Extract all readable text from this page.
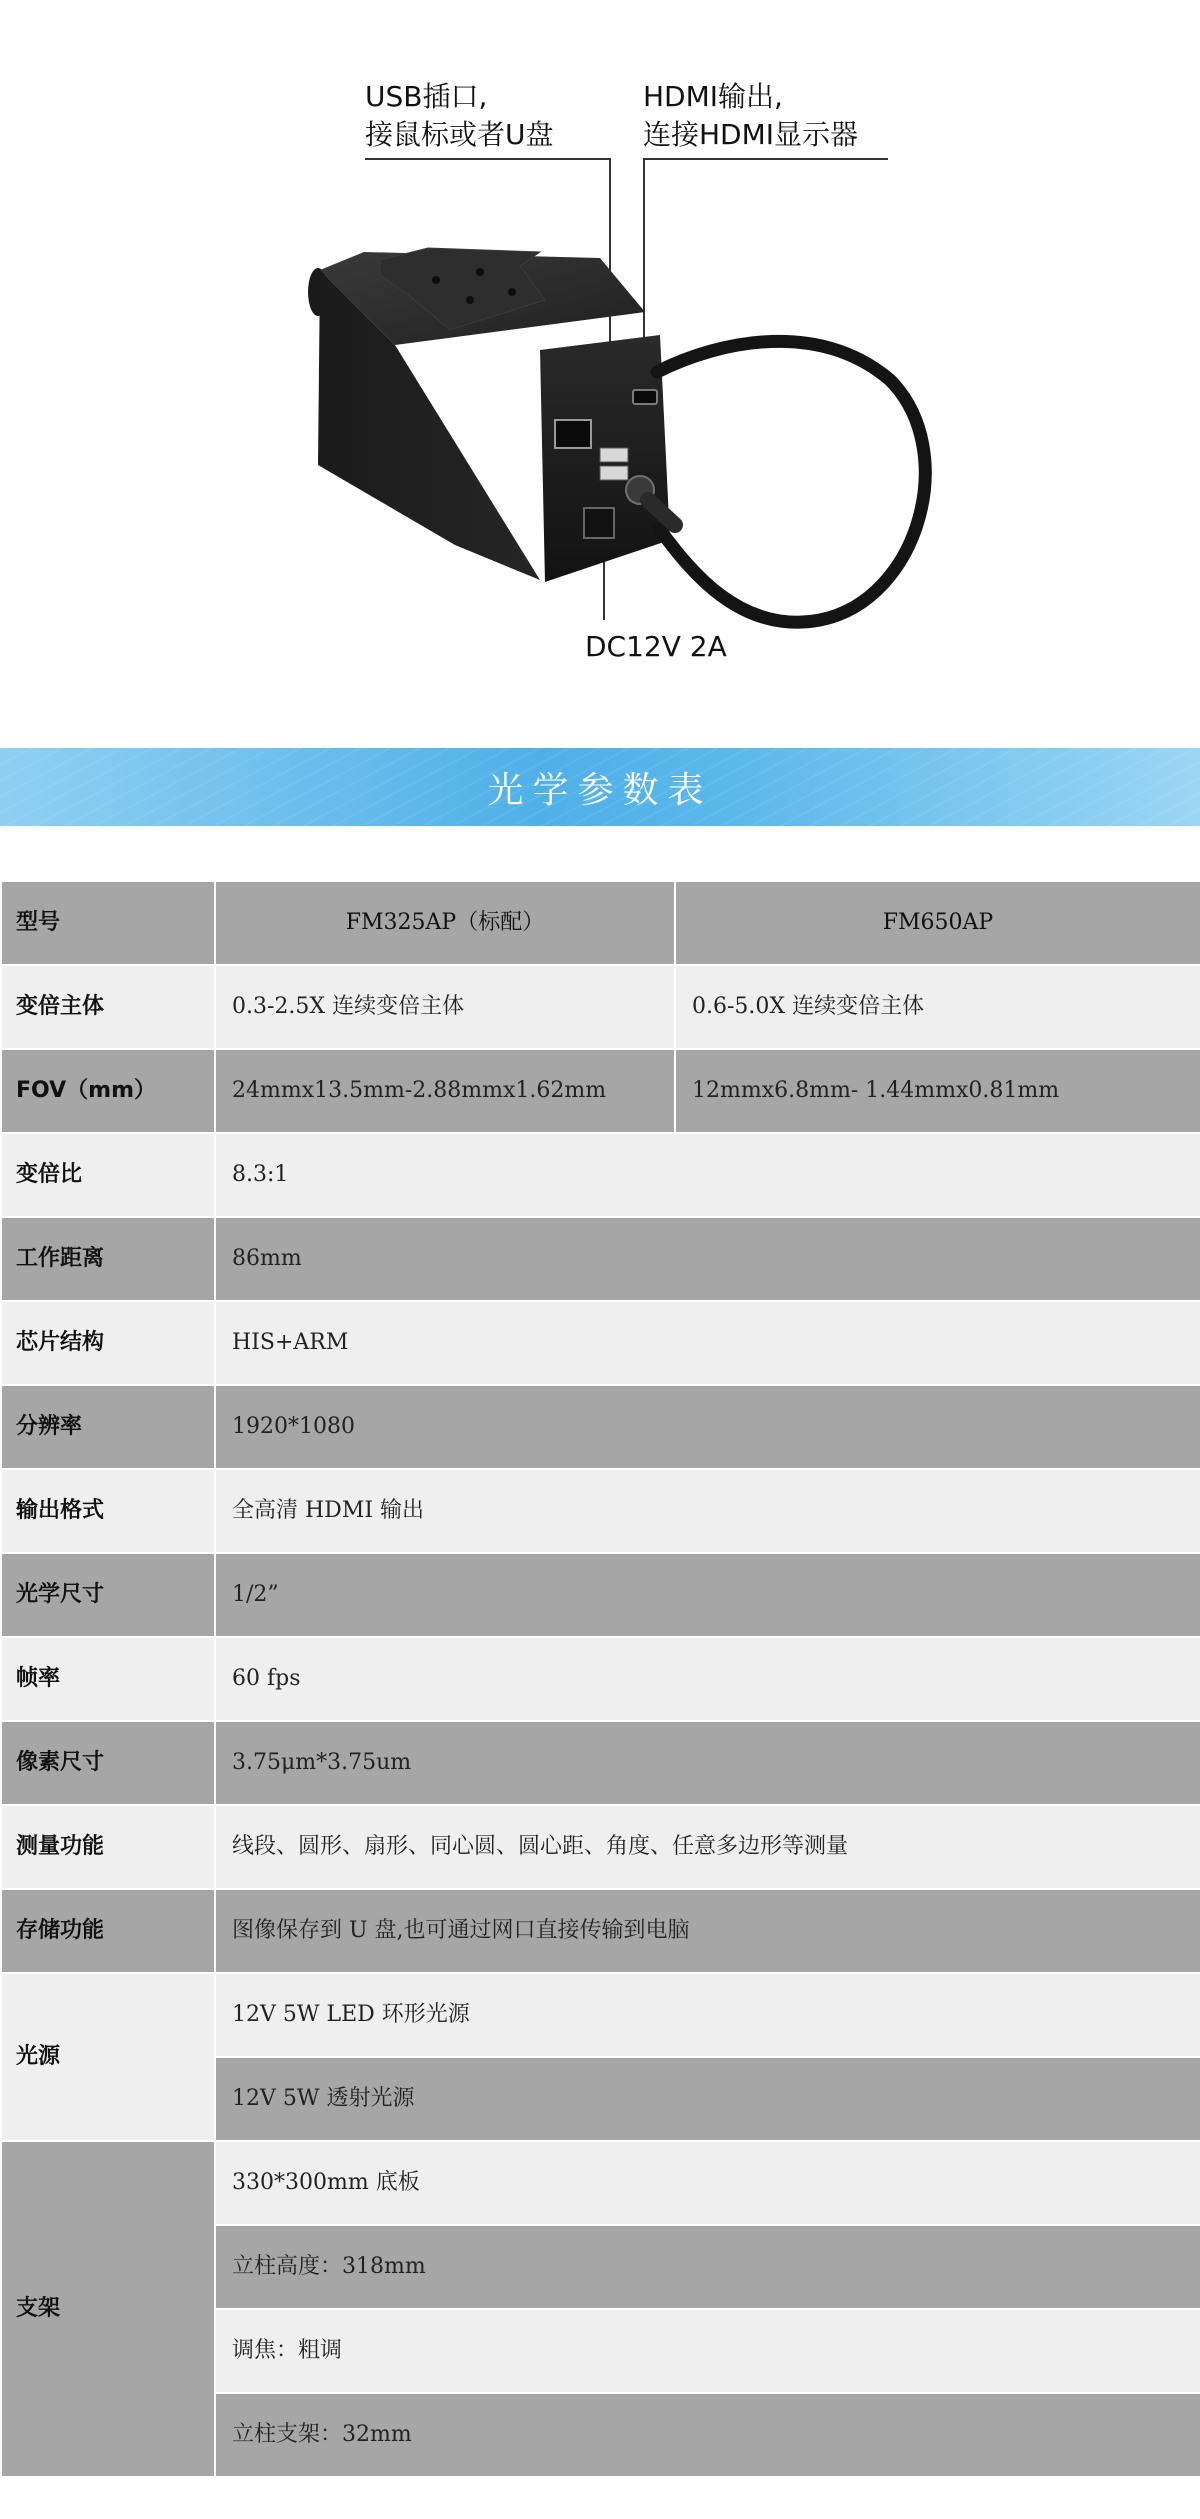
USB插口,
接鼠标或者U盘
HDMI输出,
连接HDMI显示器
DC12V 2A
光学参数表
型号	FM325AP（标配）	FM650AP
变倍主体	0.3-2.5X 连续变倍主体	0.6-5.0X 连续变倍主体
FOV（mm）	24mmx13.5mm-2.88mmx1.62mm	12mmx6.8mm- 1.44mmx0.81mm
变倍比	8.3:1	
工作距离	86mm	
芯片结构	HIS+ARM	
分辨率	1920*1080	
输出格式	全高清 HDMI 输出	
光学尺寸	1/2”	
帧率	60 fps	
像素尺寸	3.75μm*3.75um	
测量功能	线段、圆形、扇形、同心圆、圆心距、角度、任意多边形等测量	
存储功能	图像保存到 U 盘,也可通过网口直接传输到电脑	
光源	12V 5W LED 环形光源	
	12V 5W 透射光源	
支架	330*300mm 底板	
	立柱高度：318mm	
	调焦：粗调	
	立柱支架：32mm	
